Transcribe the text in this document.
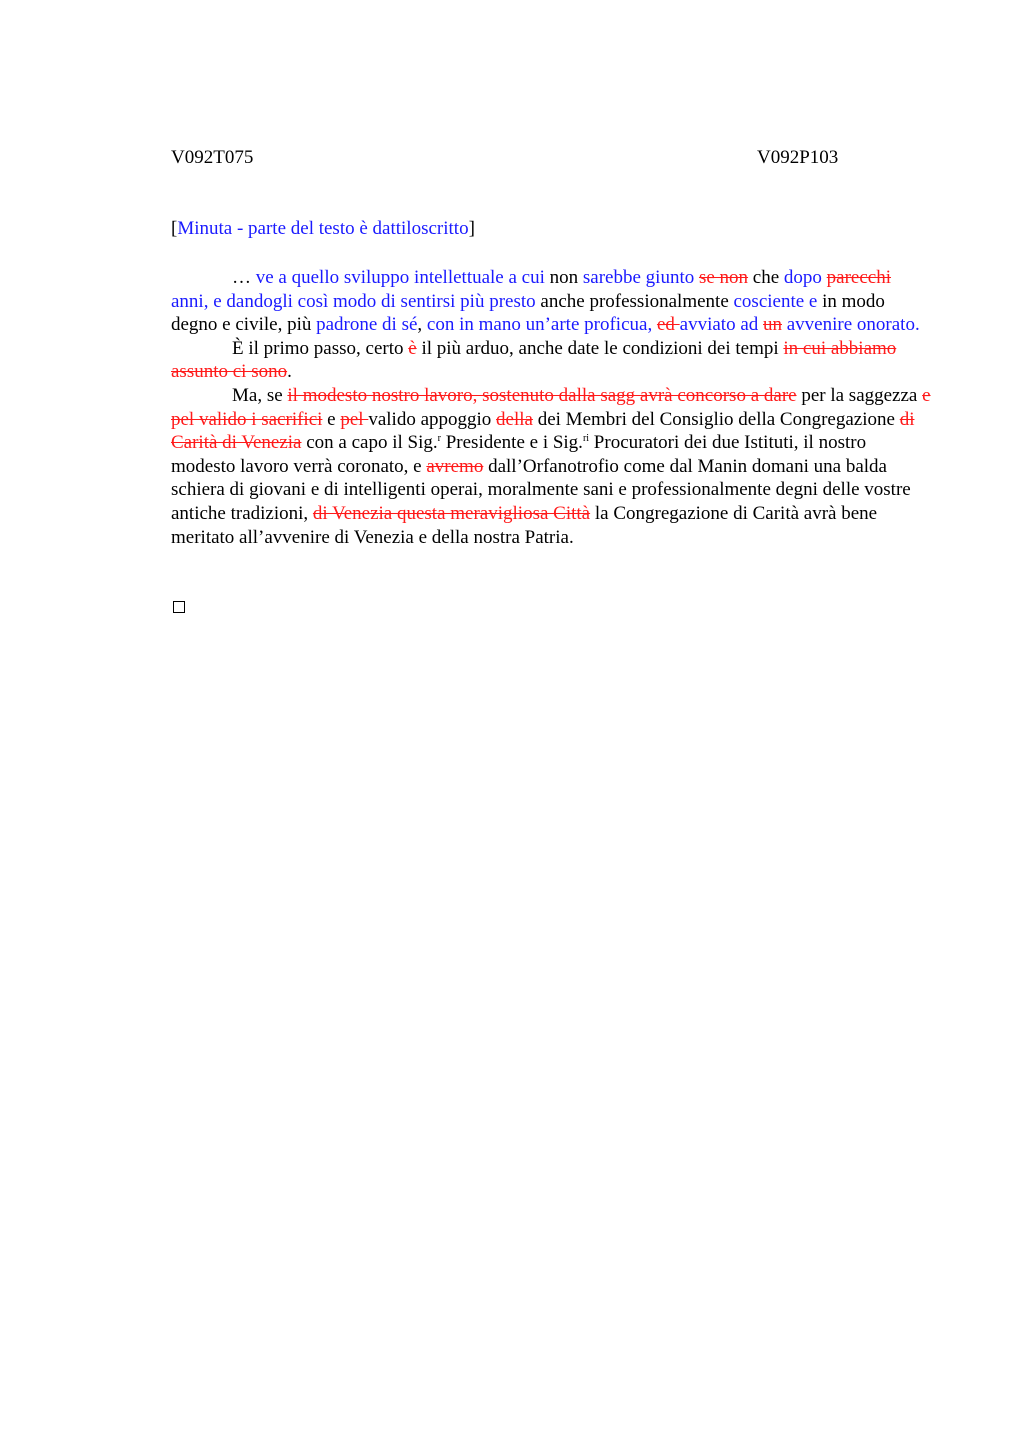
V092T075	V092P103
[Minuta - parte del testo è dattiloscritto]

… ve a quello sviluppo intellettuale a cui non sarebbe giunto se non che dopo parecchi anni, e dandogli così modo di sentirsi più presto anche professionalmente cosciente e in modo degno e civile, più padrone di sé, con in mano un’arte proficua, ed avviato ad un avvenire onorato.

È il primo passo, certo è il più arduo, anche date le condizioni dei tempi in cui abbiamo assunto ci sono.

Ma, se il modesto nostro lavoro, sostenuto dalla sagg avrà concorso a dare per la saggezza e pel valido i sacrifici e pel valido appoggio della dei Membri del Consiglio della Congregazione di Carità di Venezia con a capo il Sig.$^r$ Presidente e i Sig.$^{ri}$ Procuratori dei due Istituti, il nostro modesto lavoro verrà coronato, e avremo dall’Orfanotrofio come dal Manin domani una balda schiera di giovani e di intelligenti operai, moralmente sani e professionalmente degni delle vostre antiche tradizioni, di Venezia questa meravigliosa Città la Congregazione di Carità avrà bene meritato all’avvenire di Venezia e della nostra Patria.
